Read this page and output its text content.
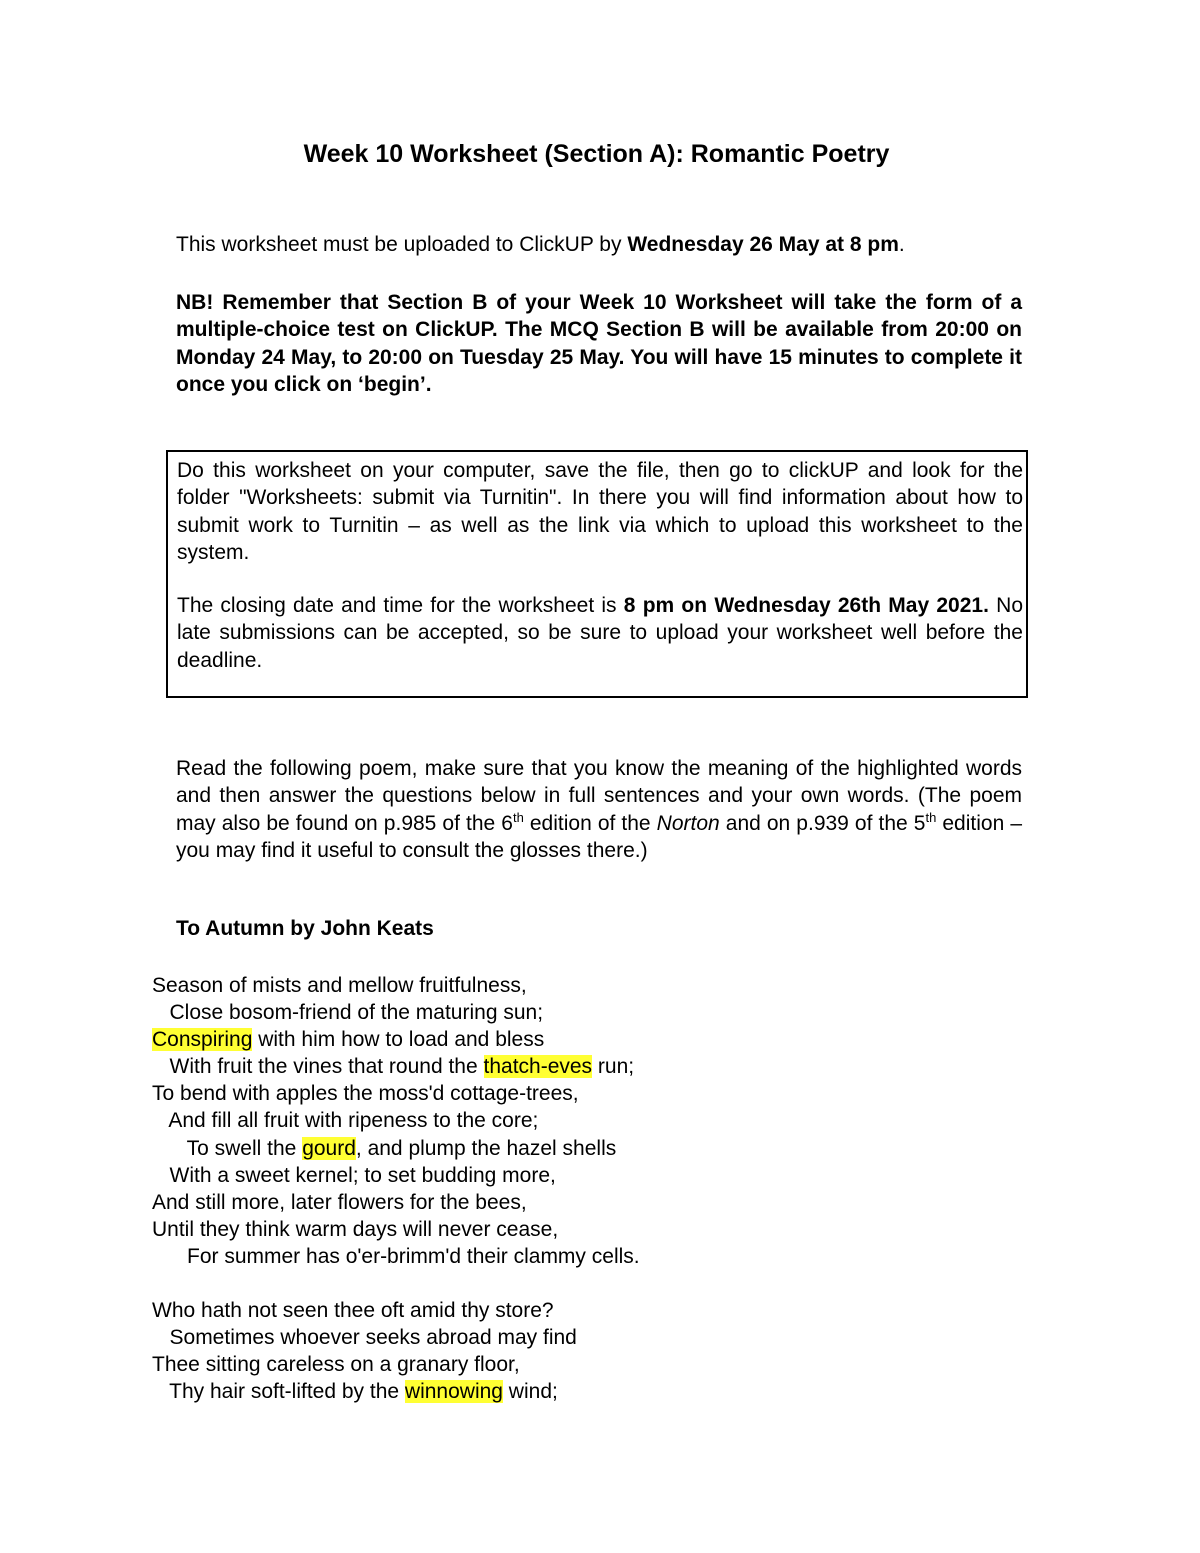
Week 10 Worksheet (Section A): Romantic Poetry

This worksheet must be uploaded to ClickUP by Wednesday 26 May at 8 pm.

NB! Remember that Section B of your Week 10 Worksheet will take the form of a multiple-choice test on ClickUP. The MCQ Section B will be available from 20:00 on Monday 24 May, to 20:00 on Tuesday 25 May. You will have 15 minutes to complete it once you click on ‘begin’.

Do this worksheet on your computer, save the file, then go to clickUP and look for the folder "Worksheets: submit via Turnitin". In there you will find information about how to submit work to Turnitin – as well as the link via which to upload this worksheet to the system.

The closing date and time for the worksheet is 8 pm on Wednesday 26th May 2021. No late submissions can be accepted, so be sure to upload your worksheet well before the deadline.

Read the following poem, make sure that you know the meaning of the highlighted words and then answer the questions below in full sentences and your own words. (The poem may also be found on p.985 of the 6th edition of the Norton and on p.939 of the 5th edition – you may find it useful to consult the glosses there.)

To Autumn by John Keats

Season of mists and mellow fruitfulness,
Close bosom-friend of the maturing sun;
Conspiring with him how to load and bless
With fruit the vines that round the thatch-eves run;
To bend with apples the moss'd cottage-trees,
And fill all fruit with ripeness to the core;
To swell the gourd, and plump the hazel shells
With a sweet kernel; to set budding more,
And still more, later flowers for the bees,
Until they think warm days will never cease,
For summer has o'er-brimm'd their clammy cells.
Who hath not seen thee oft amid thy store?
Sometimes whoever seeks abroad may find
Thee sitting careless on a granary floor,
Thy hair soft-lifted by the winnowing wind;
